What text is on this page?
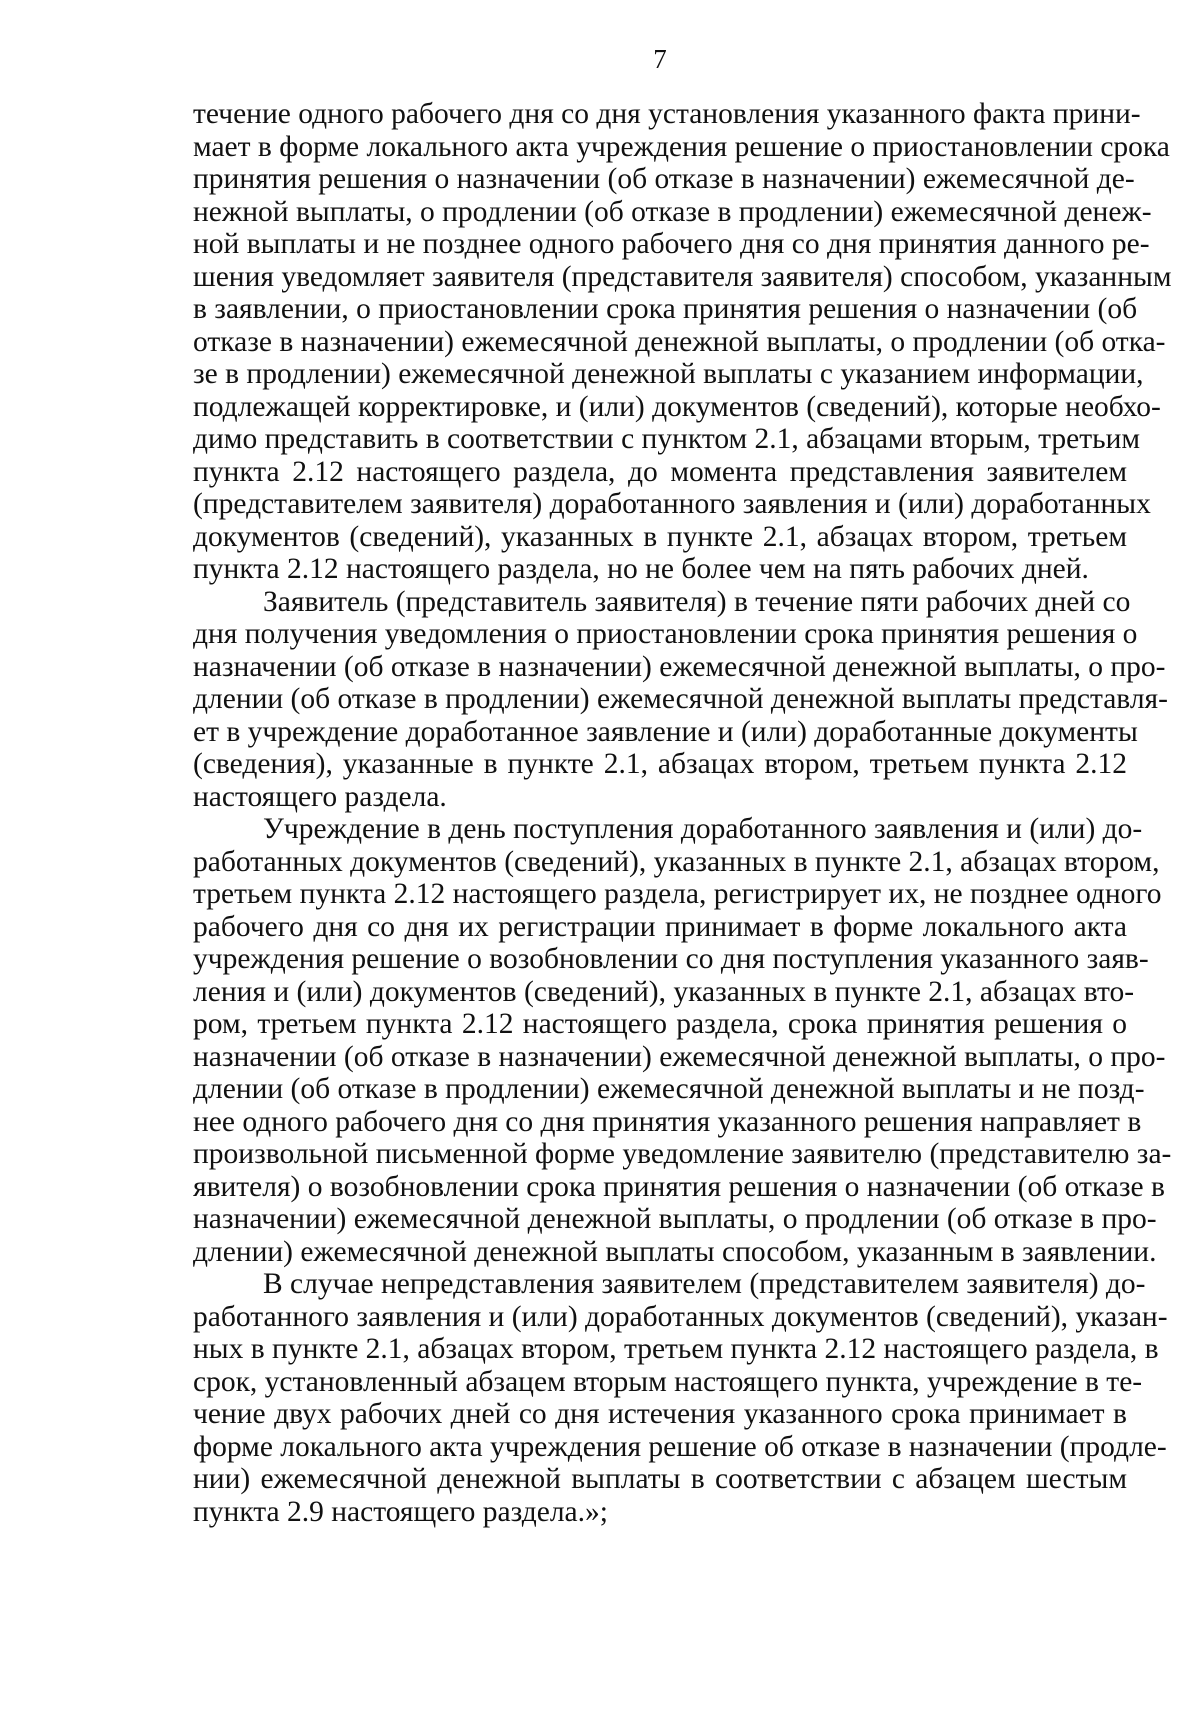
7

течение одного рабочего дня со дня установления указанного факта прини-
мает в форме локального акта учреждения решение о приостановлении срока
принятия решения о назначении (об отказе в назначении) ежемесячной де-
нежной выплаты, о продлении (об отказе в продлении) ежемесячной денеж-
ной выплаты и не позднее одного рабочего дня со дня принятия данного ре-
шения уведомляет заявителя (представителя заявителя) способом, указанным
в заявлении, о приостановлении срока принятия решения о назначении (об
отказе в назначении) ежемесячной денежной выплаты, о продлении (об отка-
зе в продлении) ежемесячной денежной выплаты с указанием информации,
подлежащей корректировке, и (или) документов (сведений), которые необхо-
димо представить в соответствии с пунктом 2.1, абзацами вторым, третьим
пункта 2.12 настоящего раздела, до момента представления заявителем
(представителем заявителя) доработанного заявления и (или) доработанных
документов (сведений), указанных в пункте 2.1, абзацах втором, третьем
пункта 2.12 настоящего раздела, но не более чем на пять рабочих дней.

Заявитель (представитель заявителя) в течение пяти рабочих дней со
дня получения уведомления о приостановлении срока принятия решения о
назначении (об отказе в назначении) ежемесячной денежной выплаты, о про-
длении (об отказе в продлении) ежемесячной денежной выплаты представля-
ет в учреждение доработанное заявление и (или) доработанные документы
(сведения), указанные в пункте 2.1, абзацах втором, третьем пункта 2.12
настоящего раздела.

Учреждение в день поступления доработанного заявления и (или) до-
работанных документов (сведений), указанных в пункте 2.1, абзацах втором,
третьем пункта 2.12 настоящего раздела, регистрирует их, не позднее одного
рабочего дня со дня их регистрации принимает в форме локального акта
учреждения решение о возобновлении со дня поступления указанного заяв-
ления и (или) документов (сведений), указанных в пункте 2.1, абзацах вто-
ром, третьем пункта 2.12 настоящего раздела, срока принятия решения о
назначении (об отказе в назначении) ежемесячной денежной выплаты, о про-
длении (об отказе в продлении) ежемесячной денежной выплаты и не позд-
нее одного рабочего дня со дня принятия указанного решения направляет в
произвольной письменной форме уведомление заявителю (представителю за-
явителя) о возобновлении срока принятия решения о назначении (об отказе в
назначении) ежемесячной денежной выплаты, о продлении (об отказе в про-
длении) ежемесячной денежной выплаты способом, указанным в заявлении.

В случае непредставления заявителем (представителем заявителя) до-
работанного заявления и (или) доработанных документов (сведений), указан-
ных в пункте 2.1, абзацах втором, третьем пункта 2.12 настоящего раздела, в
срок, установленный абзацем вторым настоящего пункта, учреждение в те-
чение двух рабочих дней со дня истечения указанного срока принимает в
форме локального акта учреждения решение об отказе в назначении (продле-
нии) ежемесячной денежной выплаты в соответствии с абзацем шестым
пункта 2.9 настоящего раздела.»;
